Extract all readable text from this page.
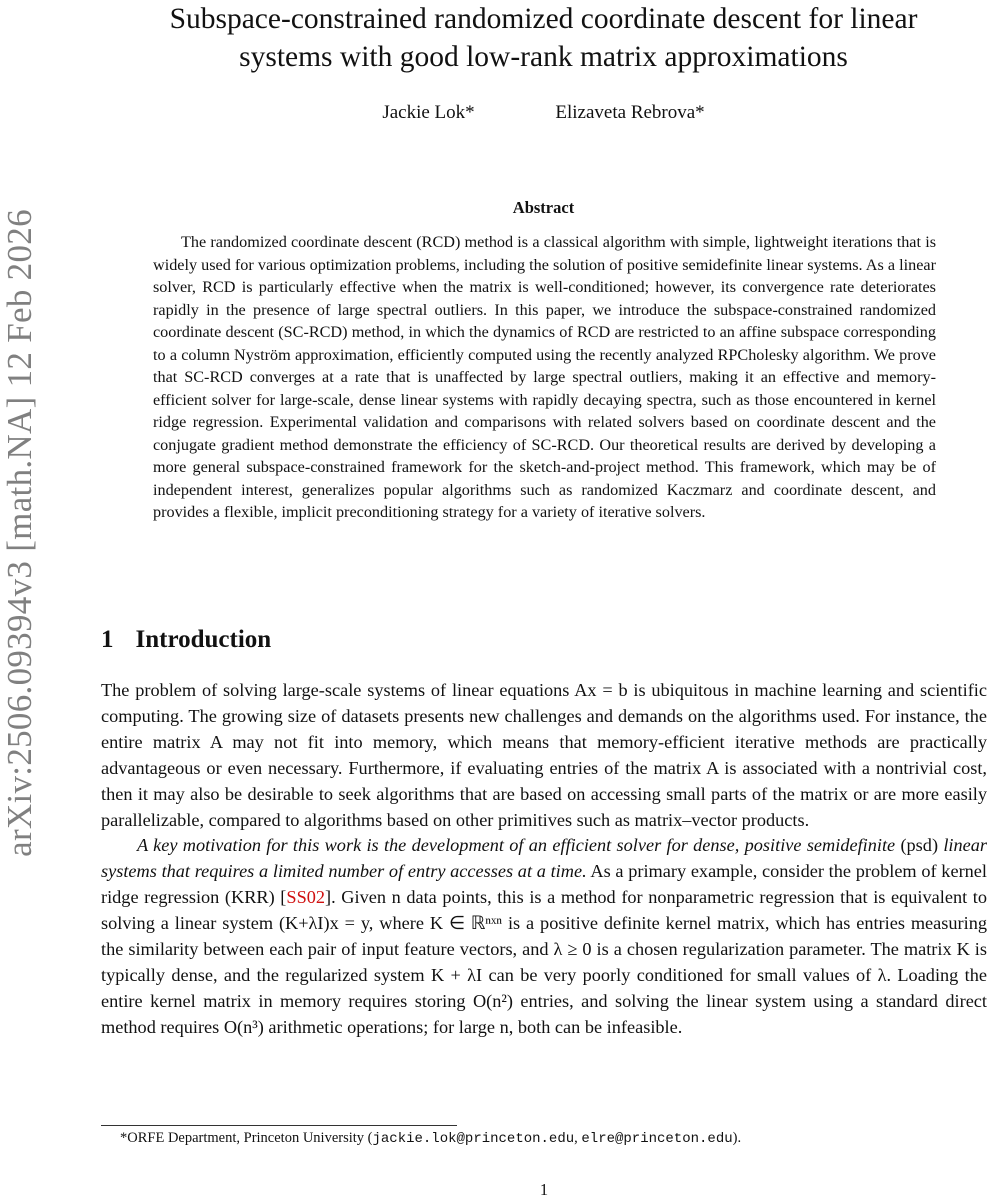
arXiv:2506.09394v3 [math.NA] 12 Feb 2026
Subspace-constrained randomized coordinate descent for linear
systems with good low-rank matrix approximations
Jackie Lok*	Elizaveta Rebrova*
Abstract

The randomized coordinate descent (RCD) method is a classical algorithm with simple, lightweight iterations that is widely used for various optimization problems, including the solution of positive semidefinite linear systems. As a linear solver, RCD is particularly effective when the matrix is well-conditioned; however, its convergence rate deteriorates rapidly in the presence of large spectral outliers. In this paper, we introduce the subspace-constrained randomized coordinate descent (SC-RCD) method, in which the dynamics of RCD are restricted to an affine subspace corresponding to a column Nyström approximation, efficiently computed using the recently analyzed RPCholesky algorithm. We prove that SC-RCD converges at a rate that is unaffected by large spectral outliers, making it an effective and memory-efficient solver for large-scale, dense linear systems with rapidly decaying spectra, such as those encountered in kernel ridge regression. Experimental validation and comparisons with related solvers based on coordinate descent and the conjugate gradient method demonstrate the efficiency of SC-RCD. Our theoretical results are derived by developing a more general subspace-constrained framework for the sketch-and-project method. This framework, which may be of independent interest, generalizes popular algorithms such as randomized Kaczmarz and coordinate descent, and provides a flexible, implicit preconditioning strategy for a variety of iterative solvers.

1 Introduction

The problem of solving large-scale systems of linear equations Ax = b is ubiquitous in machine learning and scientific computing. The growing size of datasets presents new challenges and demands on the algorithms used. For instance, the entire matrix A may not fit into memory, which means that memory-efficient iterative methods are practically advantageous or even necessary. Furthermore, if evaluating entries of the matrix A is associated with a nontrivial cost, then it may also be desirable to seek algorithms that are based on accessing small parts of the matrix or are more easily parallelizable, compared to algorithms based on other primitives such as matrix–vector products.

A key motivation for this work is the development of an efficient solver for dense, positive semidefinite (psd) linear systems that requires a limited number of entry accesses at a time. As a primary example, consider the problem of kernel ridge regression (KRR) [SS02]. Given n data points, this is a method for nonparametric regression that is equivalent to solving a linear system (K+λI)x = y, where K ∈ ℝⁿˣⁿ is a positive definite kernel matrix, which has entries measuring the similarity between each pair of input feature vectors, and λ ≥ 0 is a chosen regularization parameter. The matrix K is typically dense, and the regularized system K + λI can be very poorly conditioned for small values of λ. Loading the entire kernel matrix in memory requires storing O(n²) entries, and solving the linear system using a standard direct method requires O(n³) arithmetic operations; for large n, both can be infeasible.

*ORFE Department, Princeton University (jackie.lok@princeton.edu, elre@princeton.edu).
1
